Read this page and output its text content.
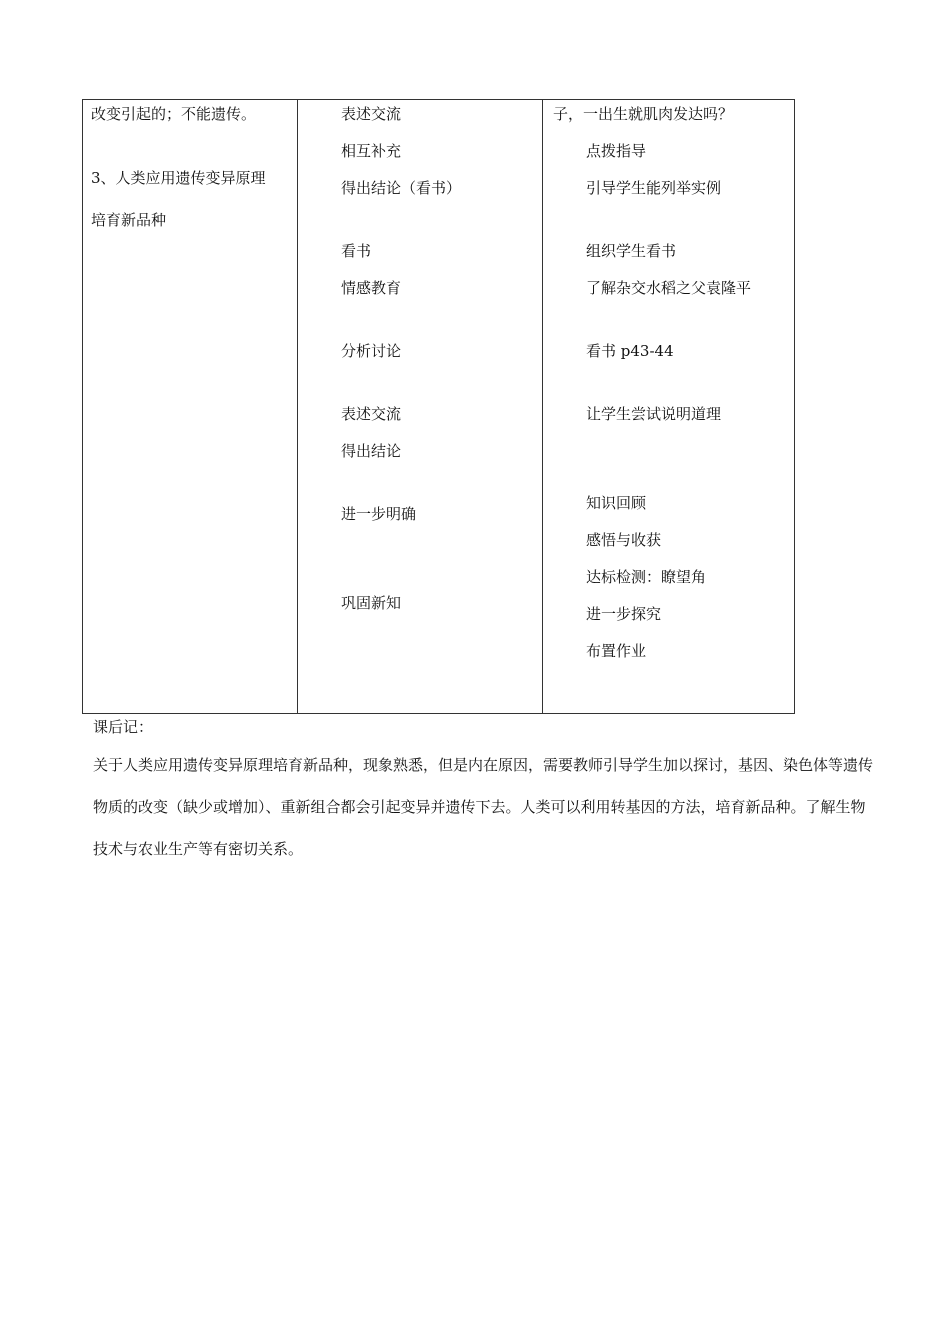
改变引起的；不能遗传。
3、人类应用遗传变异原理
培育新品种
表述交流
相互补充
得出结论（看书）
看书
情感教育
分析讨论
表述交流
得出结论
进一步明确
巩固新知
子，一出生就肌肉发达吗？
点拨指导
引导学生能列举实例
组织学生看书
了解杂交水稻之父袁隆平
看书 p43-44
让学生尝试说明道理
知识回顾
感悟与收获
达标检测：瞭望角
进一步探究
布置作业
课后记：

关于人类应用遗传变异原理培育新品种，现象熟悉，但是内在原因，需要教师引导学生加以探讨，基因、染色体等遗传物质的改变（缺少或增加）、重新组合都会引起变异并遗传下去。人类可以利用转基因的方法，培育新品种。了解生物技术与农业生产等有密切关系。
